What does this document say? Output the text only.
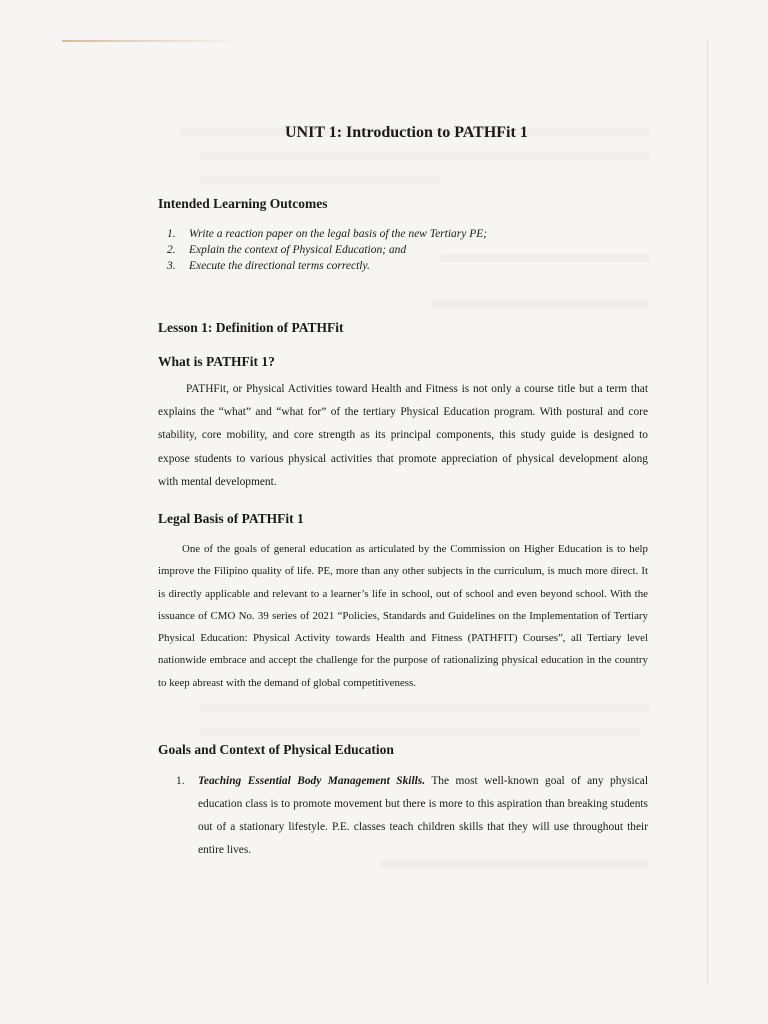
UNIT 1: Introduction to PATHFit 1
Intended Learning Outcomes
1.	Write a reaction paper on the legal basis of the new Tertiary PE;
2.	Explain the context of Physical Education; and
3.	Execute the directional terms correctly.
Lesson 1: Definition of PATHFit
What is PATHFit 1?

PATHFit, or Physical Activities toward Health and Fitness is not only a course title but a term that explains the “what” and “what for” of the tertiary Physical Education program. With postural and core stability, core mobility, and core strength as its principal components, this study guide is designed to expose students to various physical activities that promote appreciation of physical development along with mental development.

Legal Basis of PATHFit 1

One of the goals of general education as articulated by the Commission on Higher Education is to help improve the Filipino quality of life. PE, more than any other subjects in the curriculum, is much more direct. It is directly applicable and relevant to a learner’s life in school, out of school and even beyond school. With the issuance of CMO No. 39 series of 2021 “Policies, Standards and Guidelines on the Implementation of Tertiary Physical Education: Physical Activity towards Health and Fitness (PATHFIT) Courses”, all Tertiary level nationwide embrace and accept the challenge for the purpose of rationalizing physical education in the country to keep abreast with the demand of global competitiveness.

Goals and Context of Physical Education
1.	Teaching Essential Body Management Skills. The most well-known goal of any physical education class is to promote movement but there is more to this aspiration than breaking students out of a stationary lifestyle. P.E. classes teach children skills that they will use throughout their entire lives.
